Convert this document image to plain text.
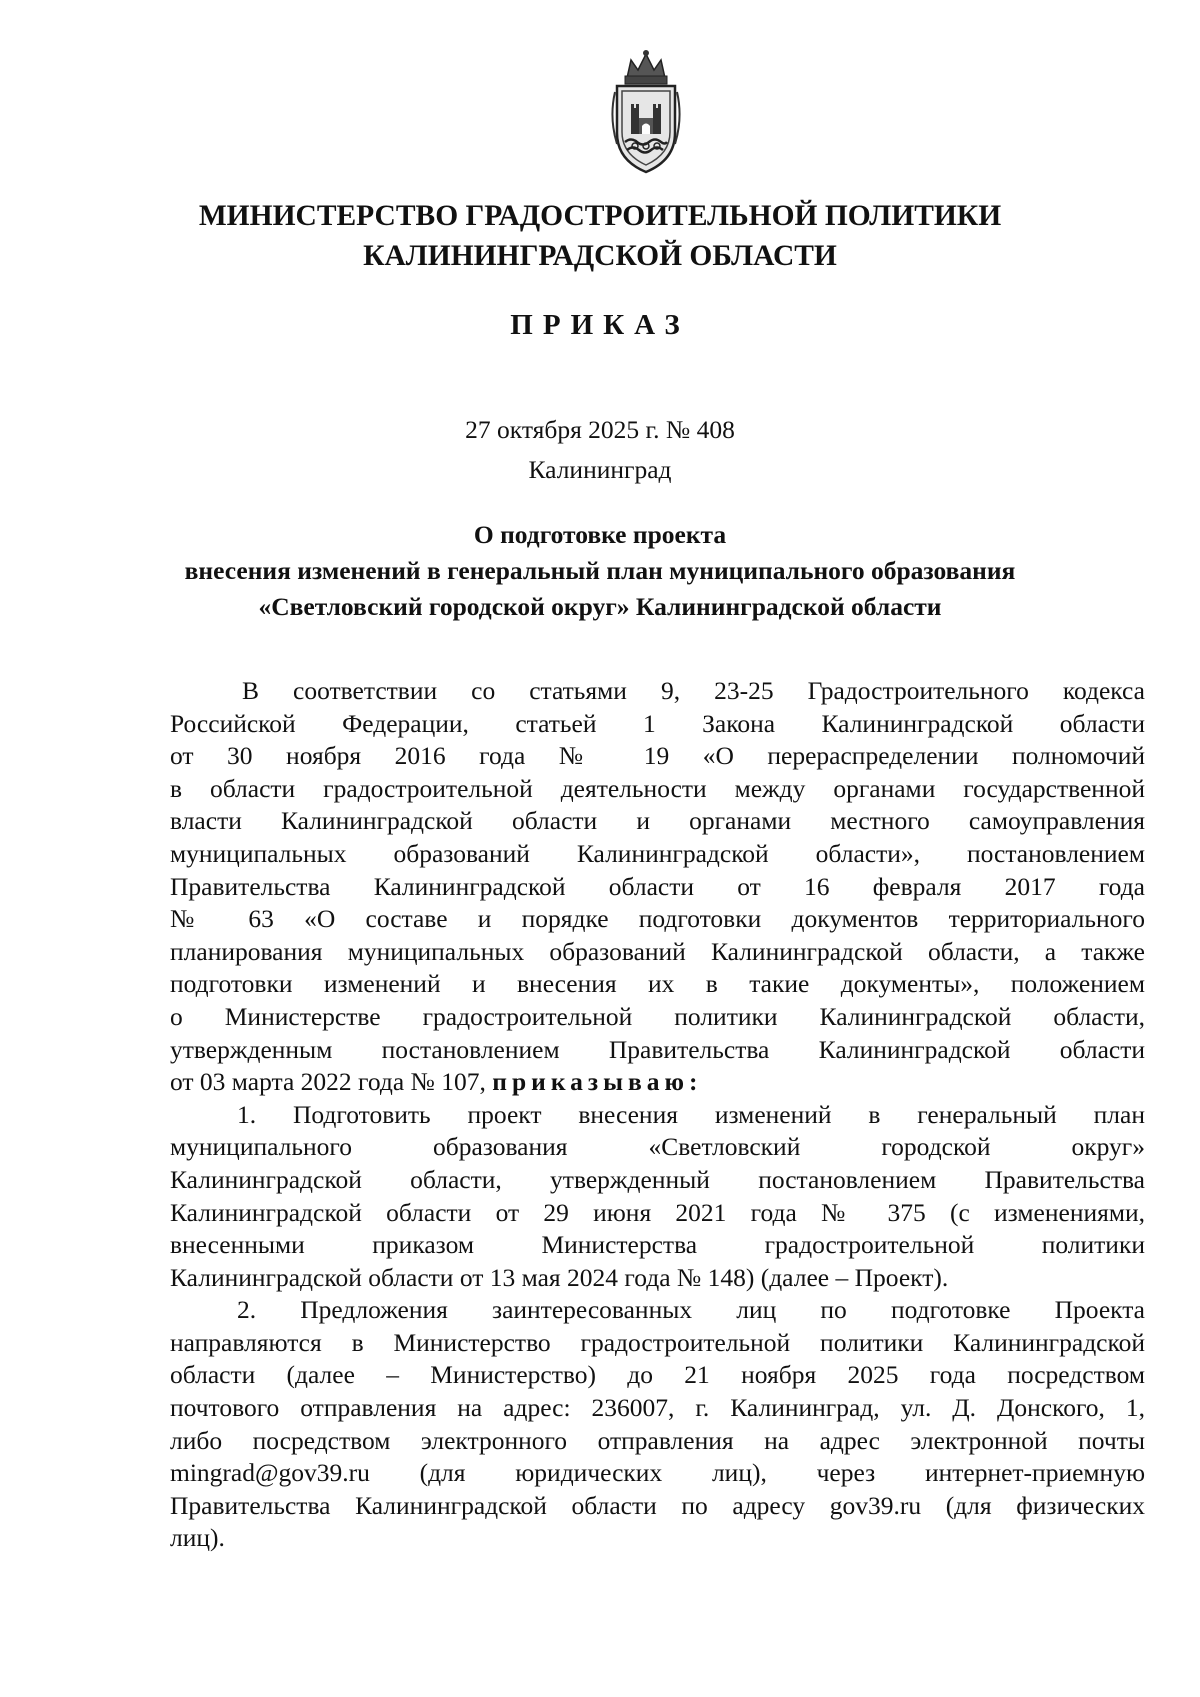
МИНИСТЕРСТВО ГРАДОСТРОИТЕЛЬНОЙ ПОЛИТИКИ
КАЛИНИНГРАДСКОЙ ОБЛАСТИ
ПРИКАЗ
27 октября 2025 г. № 408
Калининград
О подготовке проекта
внесения изменений в генеральный план муниципального образования
«Светловский городской округ» Калининградской области
В соответствии со статьями 9, 23-25 Градостроительного кодекса
Российской Федерации, статьей 1 Закона Калининградской области
от 30 ноября 2016 года № 19 «О перераспределении полномочий
в области градостроительной деятельности между органами государственной
власти Калининградской области и органами местного самоуправления
муниципальных образований Калининградской области», постановлением
Правительства Калининградской области от 16 февраля 2017 года
№ 63 «О составе и порядке подготовки документов территориального
планирования муниципальных образований Калининградской области, а также
подготовки изменений и внесения их в такие документы», положением
о Министерстве градостроительной политики Калининградской области,
утвержденным постановлением Правительства Калининградской области
от 03 марта 2022 года № 107, приказываю:
1. Подготовить проект внесения изменений в генеральный план
муниципального образования «Светловский городской округ»
Калининградской области, утвержденный постановлением Правительства
Калининградской области от 29 июня 2021 года № 375 (с изменениями,
внесенными приказом Министерства градостроительной политики
Калининградской области от 13 мая 2024 года № 148) (далее – Проект).
2. Предложения заинтересованных лиц по подготовке Проекта
направляются в Министерство градостроительной политики Калининградской
области (далее – Министерство) до 21 ноября 2025 года посредством
почтового отправления на адрес: 236007, г. Калининград, ул. Д. Донского, 1,
либо посредством электронного отправления на адрес электронной почты
mingrad@gov39.ru (для юридических лиц), через интернет-приемную
Правительства Калининградской области по адресу gov39.ru (для физических
лиц).
